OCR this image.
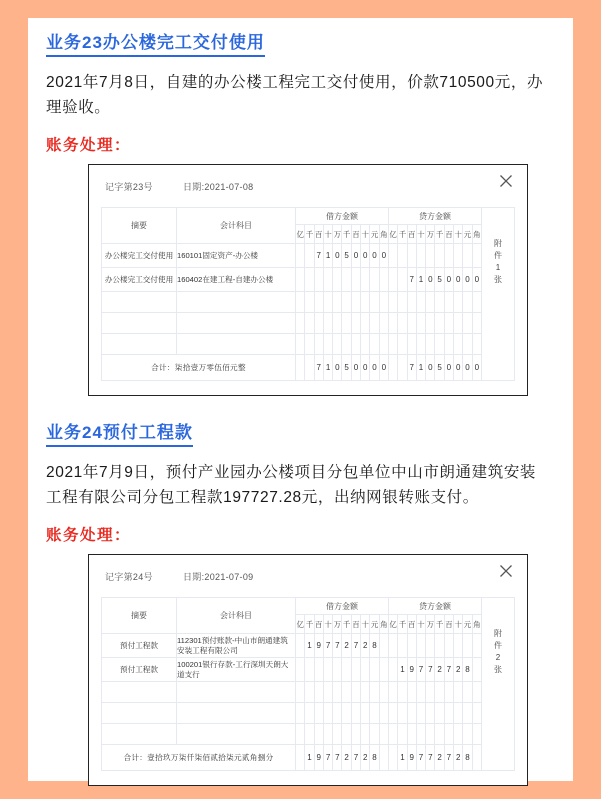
业务23办公楼完工交付使用
2021年7月8日，自建的办公楼工程完工交付使用，价款710500元，办理验收。
账务处理：
记字第23号	日期:2021-07-08
摘要	会计科目	借方金额										贷方金额									
		亿	千	百	十	万	千	百	十	元	角	亿	千	百	十	万	千	百	十	元	角
办公楼完工交付使用	160101固定资产-办公楼			7	1	0	5	0	0	0	0										
办公楼完工交付使用	160402在建工程-自建办公楼													7	1	0	5	0	0	0	0

合计：柒拾壹万零伍佰元整				7	1	0	5	0	0	0	0			7	1	0	5	0	0	0	0
附
件
1
张
业务24预付工程款
2021年7月9日，预付产业园办公楼项目分包单位中山市朗通建筑安装工程有限公司分包工程款197727.28元，出纳网银转账支付。
账务处理：
记字第24号	日期:2021-07-09
摘要	会计科目	借方金额										贷方金额									
		亿	千	百	十	万	千	百	十	元	角	亿	千	百	十	万	千	百	十	元	角
预付工程款	112301预付账款-中山市朗通建筑安装工程有限公司		1	9	7	7	2	7	2	8											
预付工程款	100201银行存款-工行深圳天朗大道支行												1	9	7	7	2	7	2	8	

合计：壹拾玖万柒仟柒佰贰拾柒元贰角捌分			1	9	7	7	2	7	2	8			1	9	7	7	2	7	2	8	
附
件
2
张
